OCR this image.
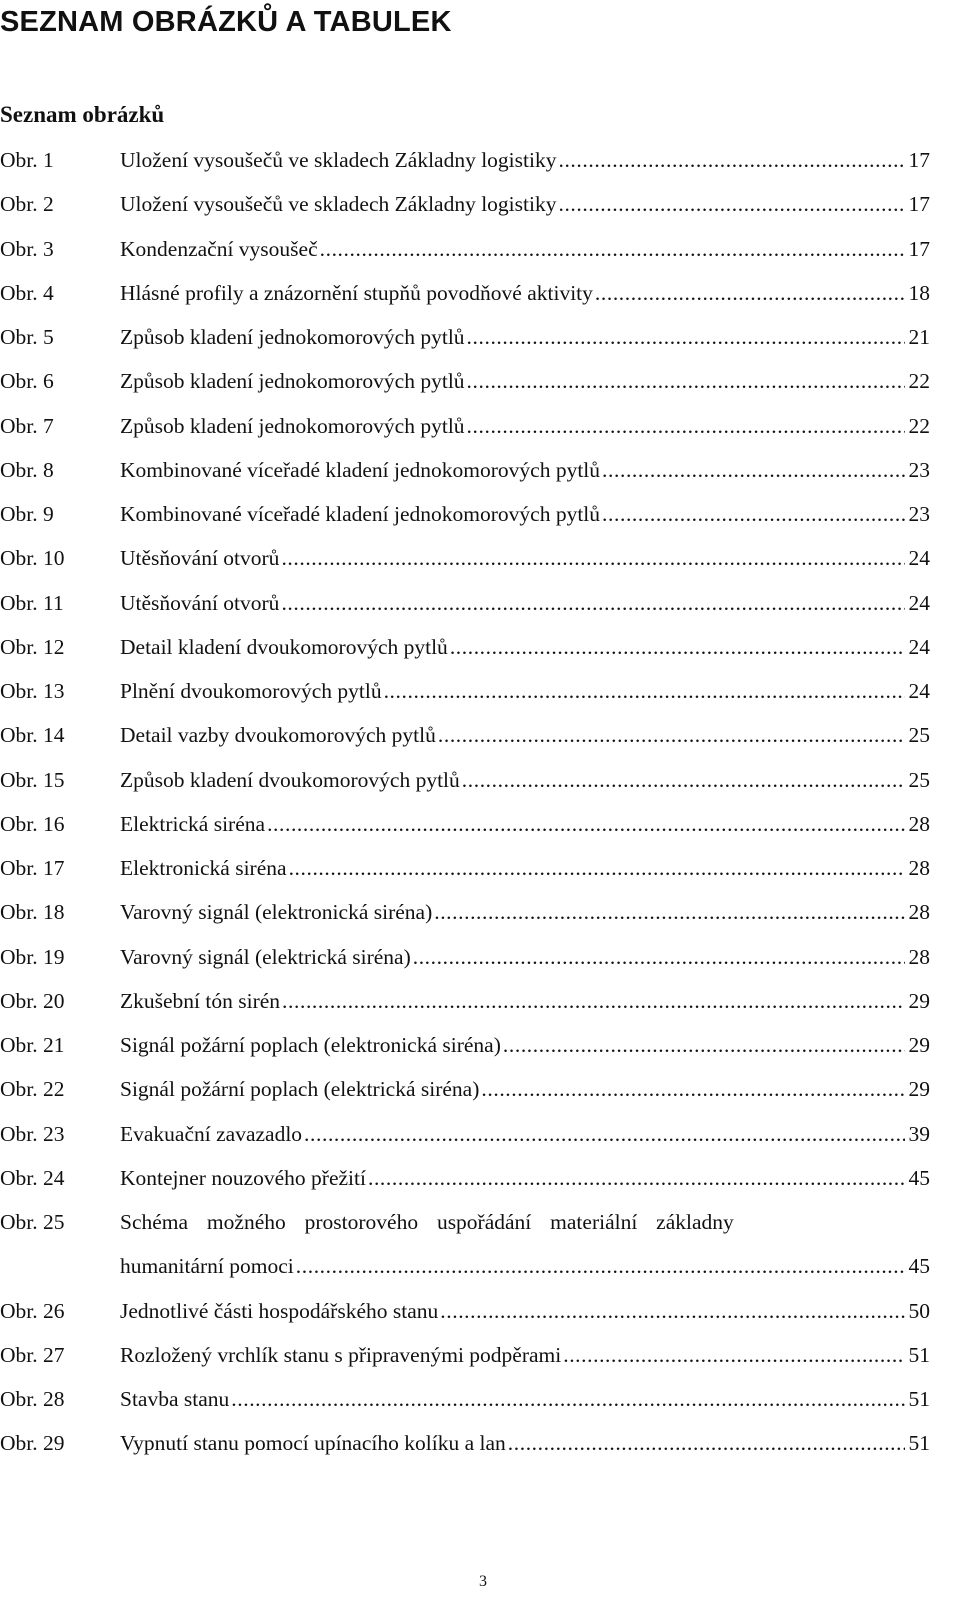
SEZNAM OBRÁZKŮ A TABULEK
Seznam obrázků
Obr. 1	Uložení vysoušečů ve skladech Základny logistiky .....	17
Obr. 2	Uložení vysoušečů ve skladech Základny logistiky .....	17
Obr. 3	Kondenzační vysoušeč .....	17
Obr. 4	Hlásné profily a znázornění stupňů povodňové aktivity .....	18
Obr. 5	Způsob kladení jednokomorových pytlů .....	21
Obr. 6	Způsob kladení jednokomorových pytlů .....	22
Obr. 7	Způsob kladení jednokomorových pytlů .....	22
Obr. 8	Kombinované víceřadé kladení jednokomorových pytlů .....	23
Obr. 9	Kombinované víceřadé kladení jednokomorových pytlů .....	23
Obr. 10	Utěsňování otvorů .....	24
Obr. 11	Utěsňování otvorů .....	24
Obr. 12	Detail kladení dvoukomorových pytlů .....	24
Obr. 13	Plnění dvoukomorových pytlů .....	24
Obr. 14	Detail vazby dvoukomorových pytlů .....	25
Obr. 15	Způsob kladení dvoukomorových pytlů .....	25
Obr. 16	Elektrická siréna .....	28
Obr. 17	Elektronická siréna .....	28
Obr. 18	Varovný signál (elektronická siréna) .....	28
Obr. 19	Varovný signál (elektrická siréna) .....	28
Obr. 20	Zkušební tón sirén .....	29
Obr. 21	Signál požární poplach (elektronická siréna) .....	29
Obr. 22	Signál požární poplach (elektrická siréna) .....	29
Obr. 23	Evakuační zavazadlo .....	39
Obr. 24	Kontejner nouzového přežití .....	45
Obr. 25	Schéma možného prostorového uspořádání materiální základny
humanitární pomoci .....	45
Obr. 26	Jednotlivé části hospodářského stanu .....	50
Obr. 27	Rozložený vrchlík stanu s připravenými podpěrami .....	51
Obr. 28	Stavba stanu .....	51
Obr. 29	Vypnutí stanu pomocí upínacího kolíku a lan .....	51
3
